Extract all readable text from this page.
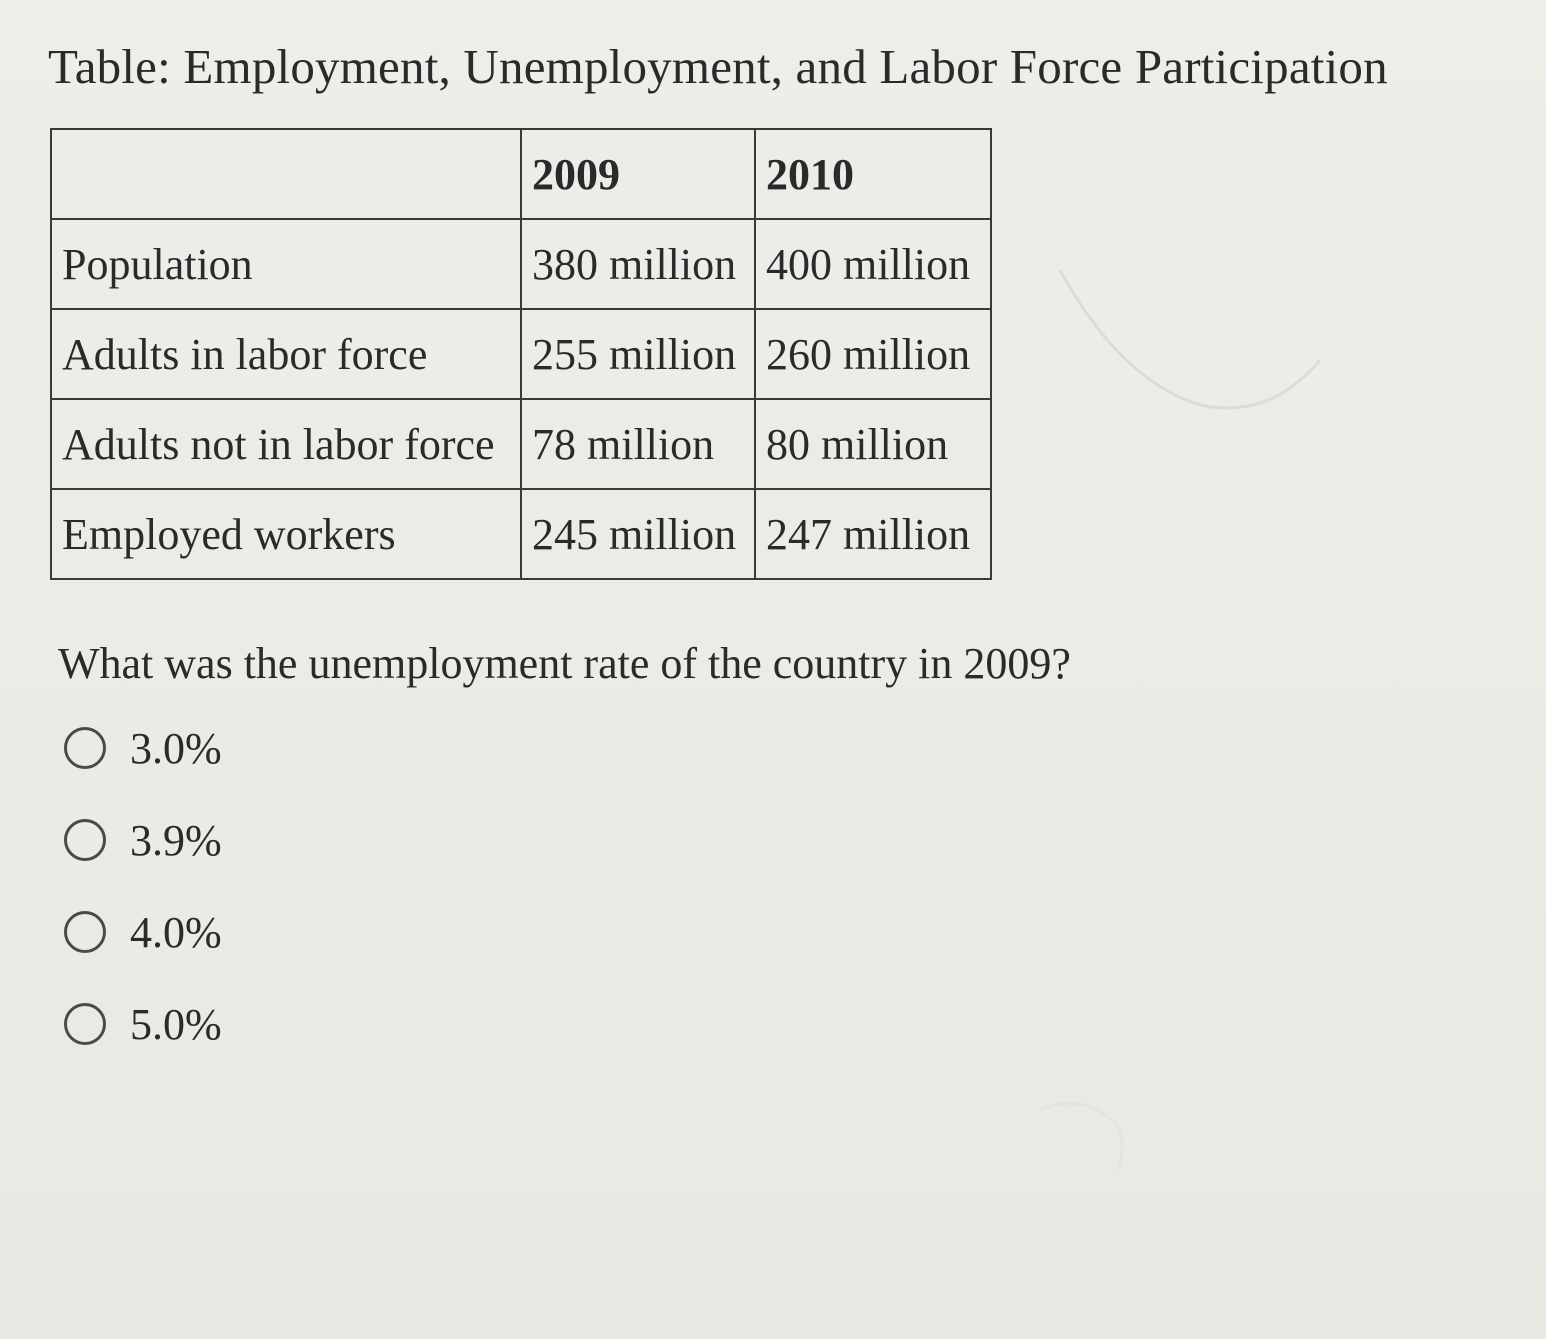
Table: Employment, Unemployment, and Labor Force Participation
	2009	2010
Population	380 million	400 million
Adults in labor force	255 million	260 million
Adults not in labor force	78 million	80 million
Employed workers	245 million	247 million
What was the unemployment rate of the country in 2009?
3.0%
3.9%
4.0%
5.0%
